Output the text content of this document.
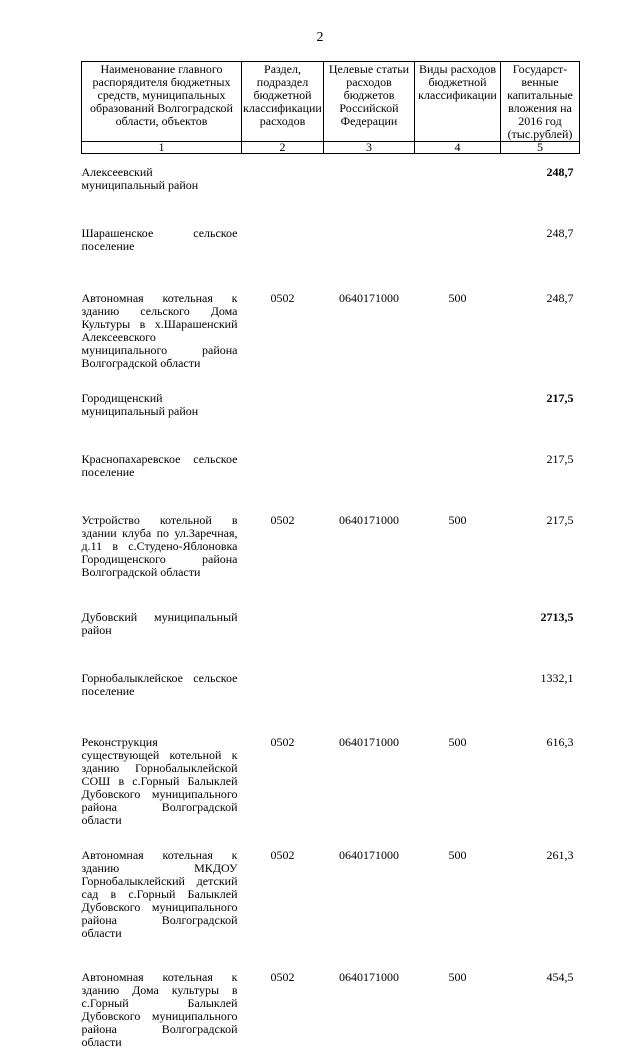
2
Наименование главного распорядителя бюджетных средств, муниципальных образований Волгоградской области, объектов	Раздел, подраздел бюджетной классификации расходов	Целевые статьи расходов бюджетов Российской Федерации	Виды расходов бюджетной классификации	Государст-венные капитальные вложения на 2016 год (тыс.рублей)
1	2	3	4	5
Алексеевский муниципальный район				248,7
Шарашенское сельское поселение				248,7
Автономная котельная к зданию сельского Дома Культуры в х.Шарашенский Алексеевского муниципального района Волгоградской области	0502	0640171000	500	248,7
Городищенский муниципальный район				217,5
Краснопахаревское сельское поселение				217,5
Устройство котельной в здании клуба по ул.Заречная, д.11 в с.Студено-Яблоновка Городищенского района Волгоградской области	0502	0640171000	500	217,5
Дубовский муниципальный район				2713,5
Горнобалыклейское сельское поселение				1332,1
Реконструкция существующей котельной к зданию Горнобалыклейской СОШ в с.Горный Балыклей Дубовского муниципального района Волгоградской области	0502	0640171000	500	616,3
Автономная котельная к зданию МКДОУ Горнобалыклейский детский сад в с.Горный Балыклей Дубовского муниципального района Волгоградской области	0502	0640171000	500	261,3
Автономная котельная к зданию Дома культуры в с.Горный Балыклей Дубовского муниципального района Волгоградской области	0502	0640171000	500	454,5
